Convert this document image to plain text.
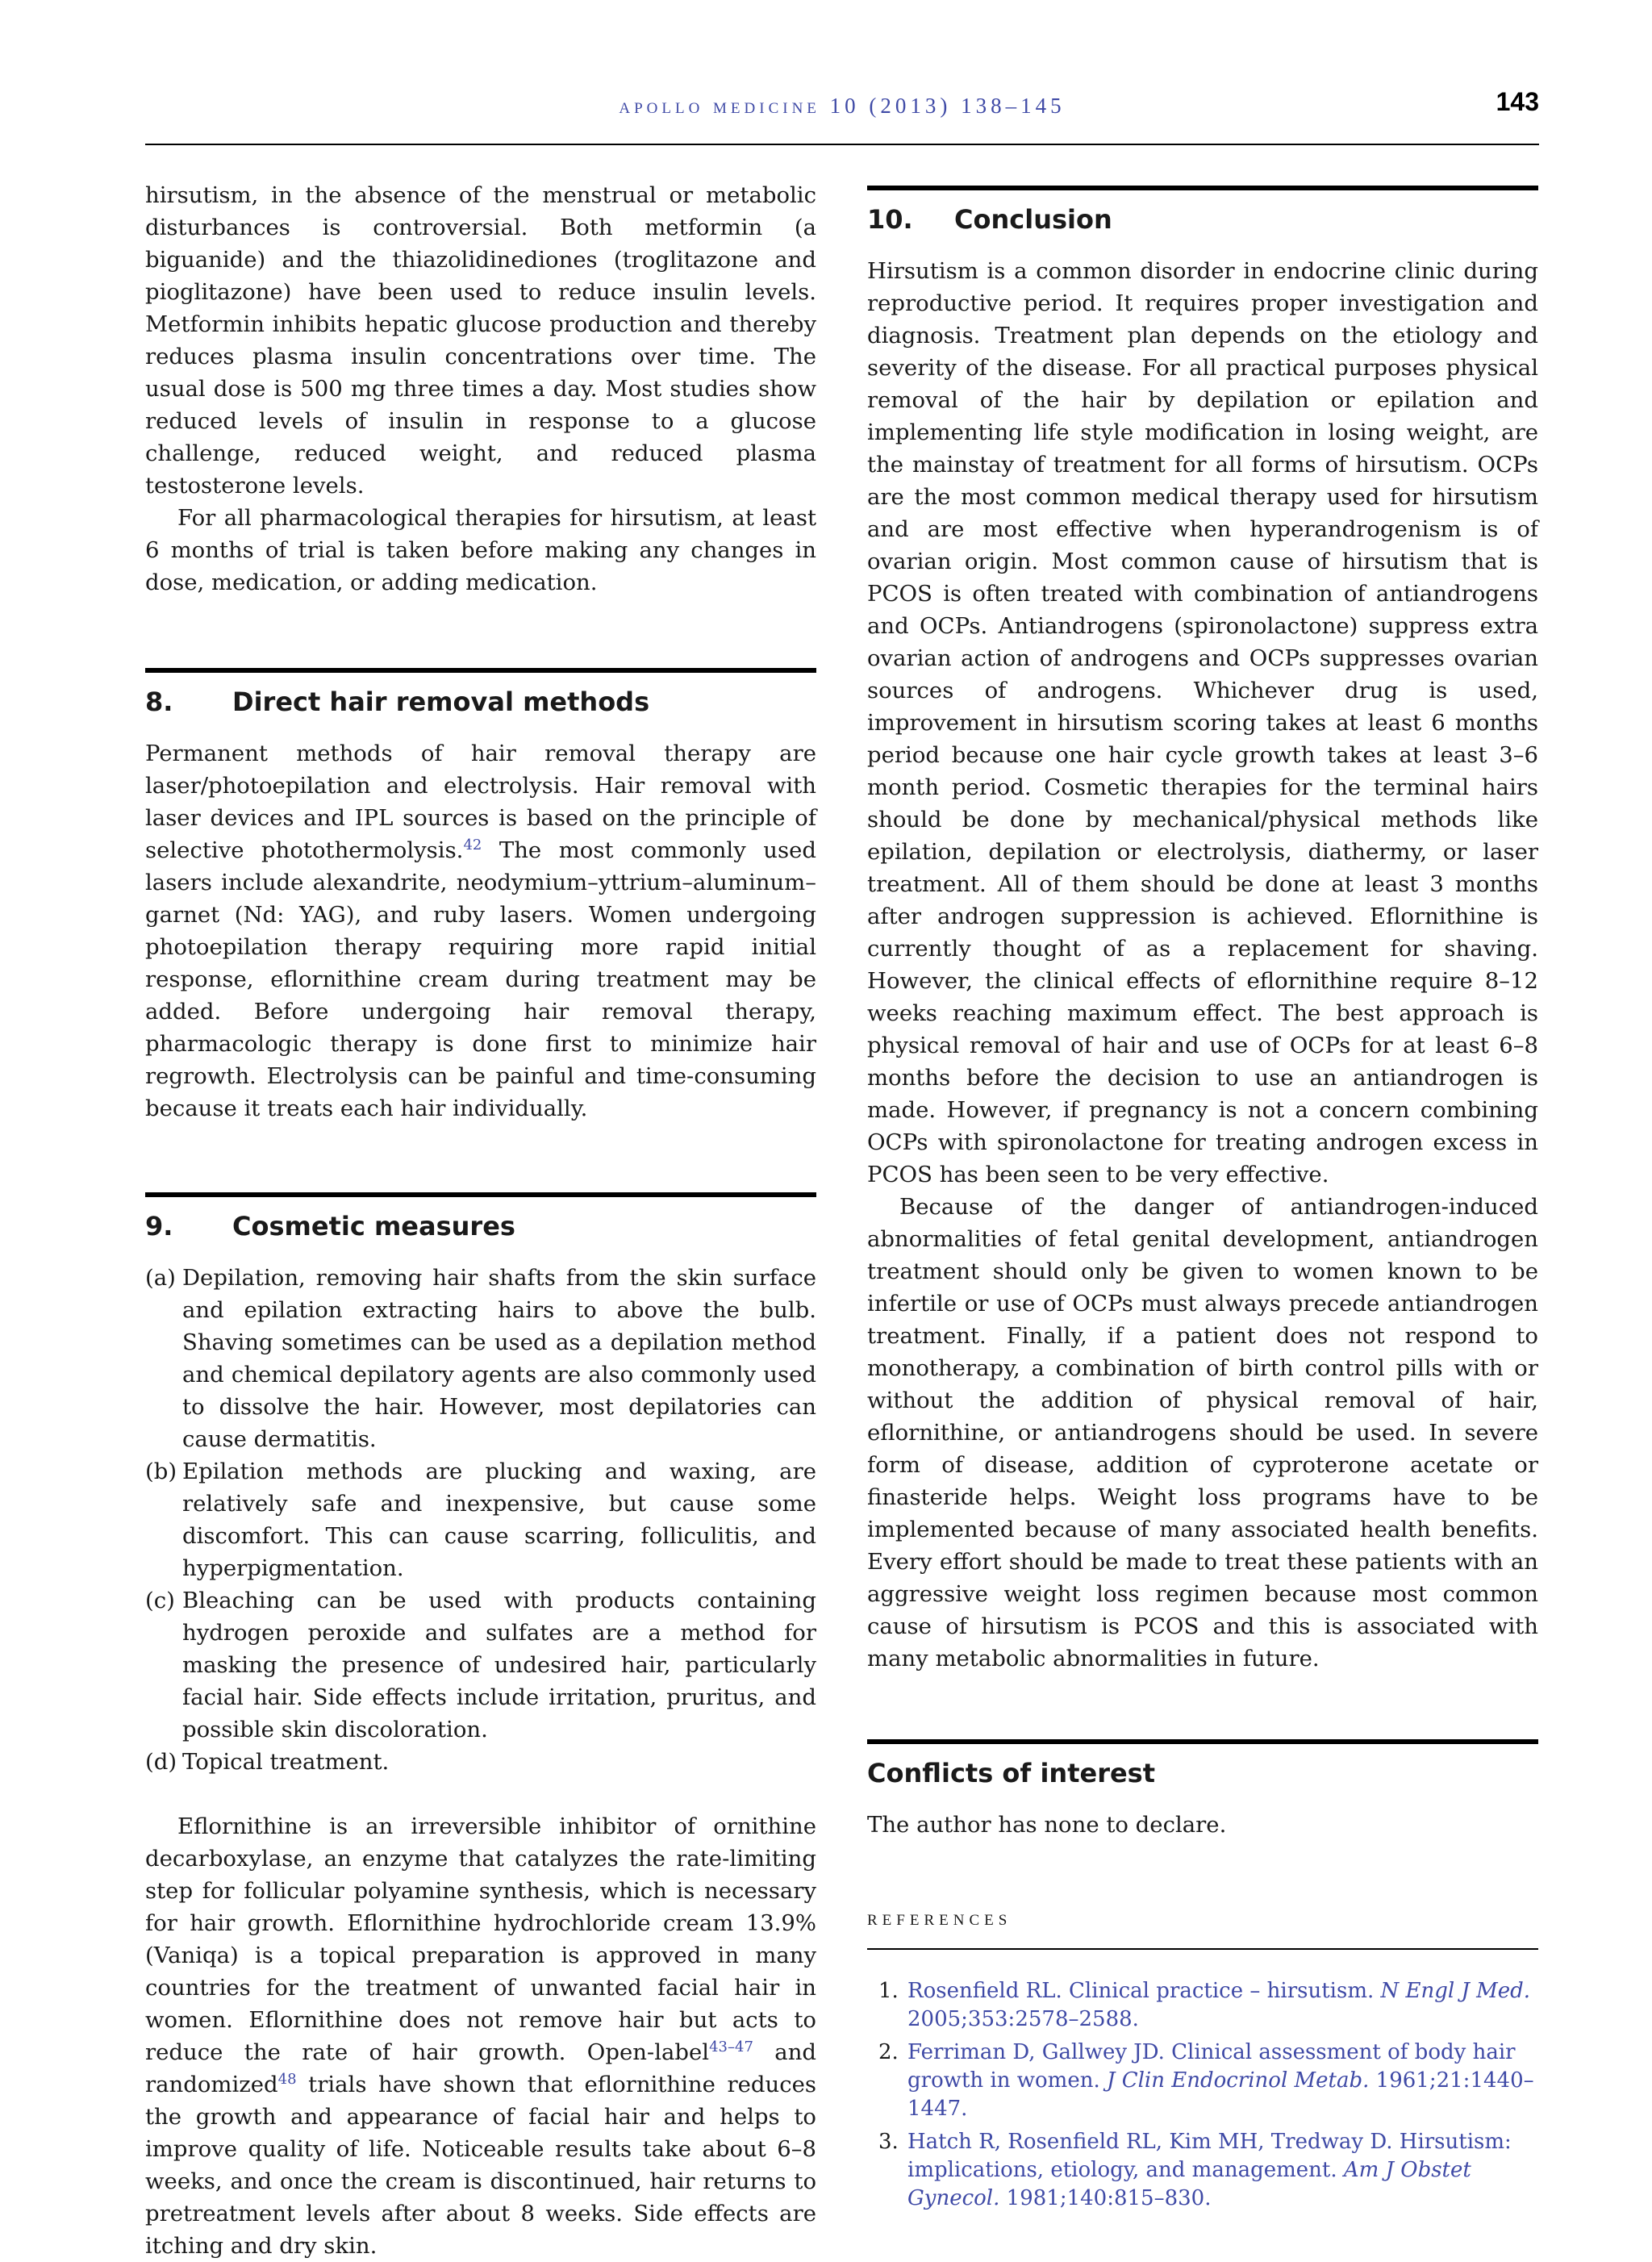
apollo medicine 10 (2013) 138–145	143

hirsutism, in the absence of the menstrual or metabolic disturbances is controversial. Both metformin (a biguanide) and the thiazolidinediones (troglitazone and pioglitazone) have been used to reduce insulin levels. Metformin inhibits hepatic glucose production and thereby reduces plasma insulin concentrations over time. The usual dose is 500 mg three times a day. Most studies show reduced levels of insulin in response to a glucose challenge, reduced weight, and reduced plasma testosterone levels.

For all pharmacological therapies for hirsutism, at least 6 months of trial is taken before making any changes in dose, medication, or adding medication.

8. Direct hair removal methods

Permanent methods of hair removal therapy are laser/photoepilation and electrolysis. Hair removal with laser devices and IPL sources is based on the principle of selective photothermolysis.$^{42}$ The most commonly used lasers include alexandrite, neodymium–yttrium–aluminum–garnet (Nd: YAG), and ruby lasers. Women undergoing photoepilation therapy requiring more rapid initial response, eflornithine cream during treatment may be added. Before undergoing hair removal therapy, pharmacologic therapy is done first to minimize hair regrowth. Electrolysis can be painful and time-consuming because it treats each hair individually.

9. Cosmetic measures
(a) Depilation, removing hair shafts from the skin surface and epilation extracting hairs to above the bulb. Shaving sometimes can be used as a depilation method and chemical depilatory agents are also commonly used to dissolve the hair. However, most depilatories can cause dermatitis.
(b) Epilation methods are plucking and waxing, are relatively safe and inexpensive, but cause some discomfort. This can cause scarring, folliculitis, and hyperpigmentation.
(c) Bleaching can be used with products containing hydrogen peroxide and sulfates are a method for masking the presence of undesired hair, particularly facial hair. Side effects include irritation, pruritus, and possible skin discoloration.
(d) Topical treatment.

Eflornithine is an irreversible inhibitor of ornithine decarboxylase, an enzyme that catalyzes the rate-limiting step for follicular polyamine synthesis, which is necessary for hair growth. Eflornithine hydrochloride cream 13.9% (Vaniqa) is a topical preparation is approved in many countries for the treatment of unwanted facial hair in women. Eflornithine does not remove hair but acts to reduce the rate of hair growth. Open-label$^{43-47}$ and randomized$^{48}$ trials have shown that eflornithine reduces the growth and appearance of facial hair and helps to improve quality of life. Noticeable results take about 6–8 weeks, and once the cream is discontinued, hair returns to pretreatment levels after about 8 weeks. Side effects are itching and dry skin.

10. Conclusion

Hirsutism is a common disorder in endocrine clinic during reproductive period. It requires proper investigation and diagnosis. Treatment plan depends on the etiology and severity of the disease. For all practical purposes physical removal of the hair by depilation or epilation and implementing life style modification in losing weight, are the mainstay of treatment for all forms of hirsutism. OCPs are the most common medical therapy used for hirsutism and are most effective when hyperandrogenism is of ovarian origin. Most common cause of hirsutism that is PCOS is often treated with combination of antiandrogens and OCPs. Antiandrogens (spironolactone) suppress extra ovarian action of androgens and OCPs suppresses ovarian sources of androgens. Whichever drug is used, improvement in hirsutism scoring takes at least 6 months period because one hair cycle growth takes at least 3–6 month period. Cosmetic therapies for the terminal hairs should be done by mechanical/physical methods like epilation, depilation or electrolysis, diathermy, or laser treatment. All of them should be done at least 3 months after androgen suppression is achieved. Eflornithine is currently thought of as a replacement for shaving. However, the clinical effects of eflornithine require 8–12 weeks reaching maximum effect. The best approach is physical removal of hair and use of OCPs for at least 6–8 months before the decision to use an antiandrogen is made. However, if pregnancy is not a concern combining OCPs with spironolactone for treating androgen excess in PCOS has been seen to be very effective.

Because of the danger of antiandrogen-induced abnormalities of fetal genital development, antiandrogen treatment should only be given to women known to be infertile or use of OCPs must always precede antiandrogen treatment. Finally, if a patient does not respond to monotherapy, a combination of birth control pills with or without the addition of physical removal of hair, eflornithine, or antiandrogens should be used. In severe form of disease, addition of cyproterone acetate or finasteride helps. Weight loss programs have to be implemented because of many associated health benefits. Every effort should be made to treat these patients with an aggressive weight loss regimen because most common cause of hirsutism is PCOS and this is associated with many metabolic abnormalities in future.

Conflicts of interest

The author has none to declare.

references
1. Rosenfield RL. Clinical practice – hirsutism. N Engl J Med. 2005;353:2578–2588.
2. Ferriman D, Gallwey JD. Clinical assessment of body hair growth in women. J Clin Endocrinol Metab. 1961;21:1440–1447.
3. Hatch R, Rosenfield RL, Kim MH, Tredway D. Hirsutism: implications, etiology, and management. Am J Obstet Gynecol. 1981;140:815–830.
